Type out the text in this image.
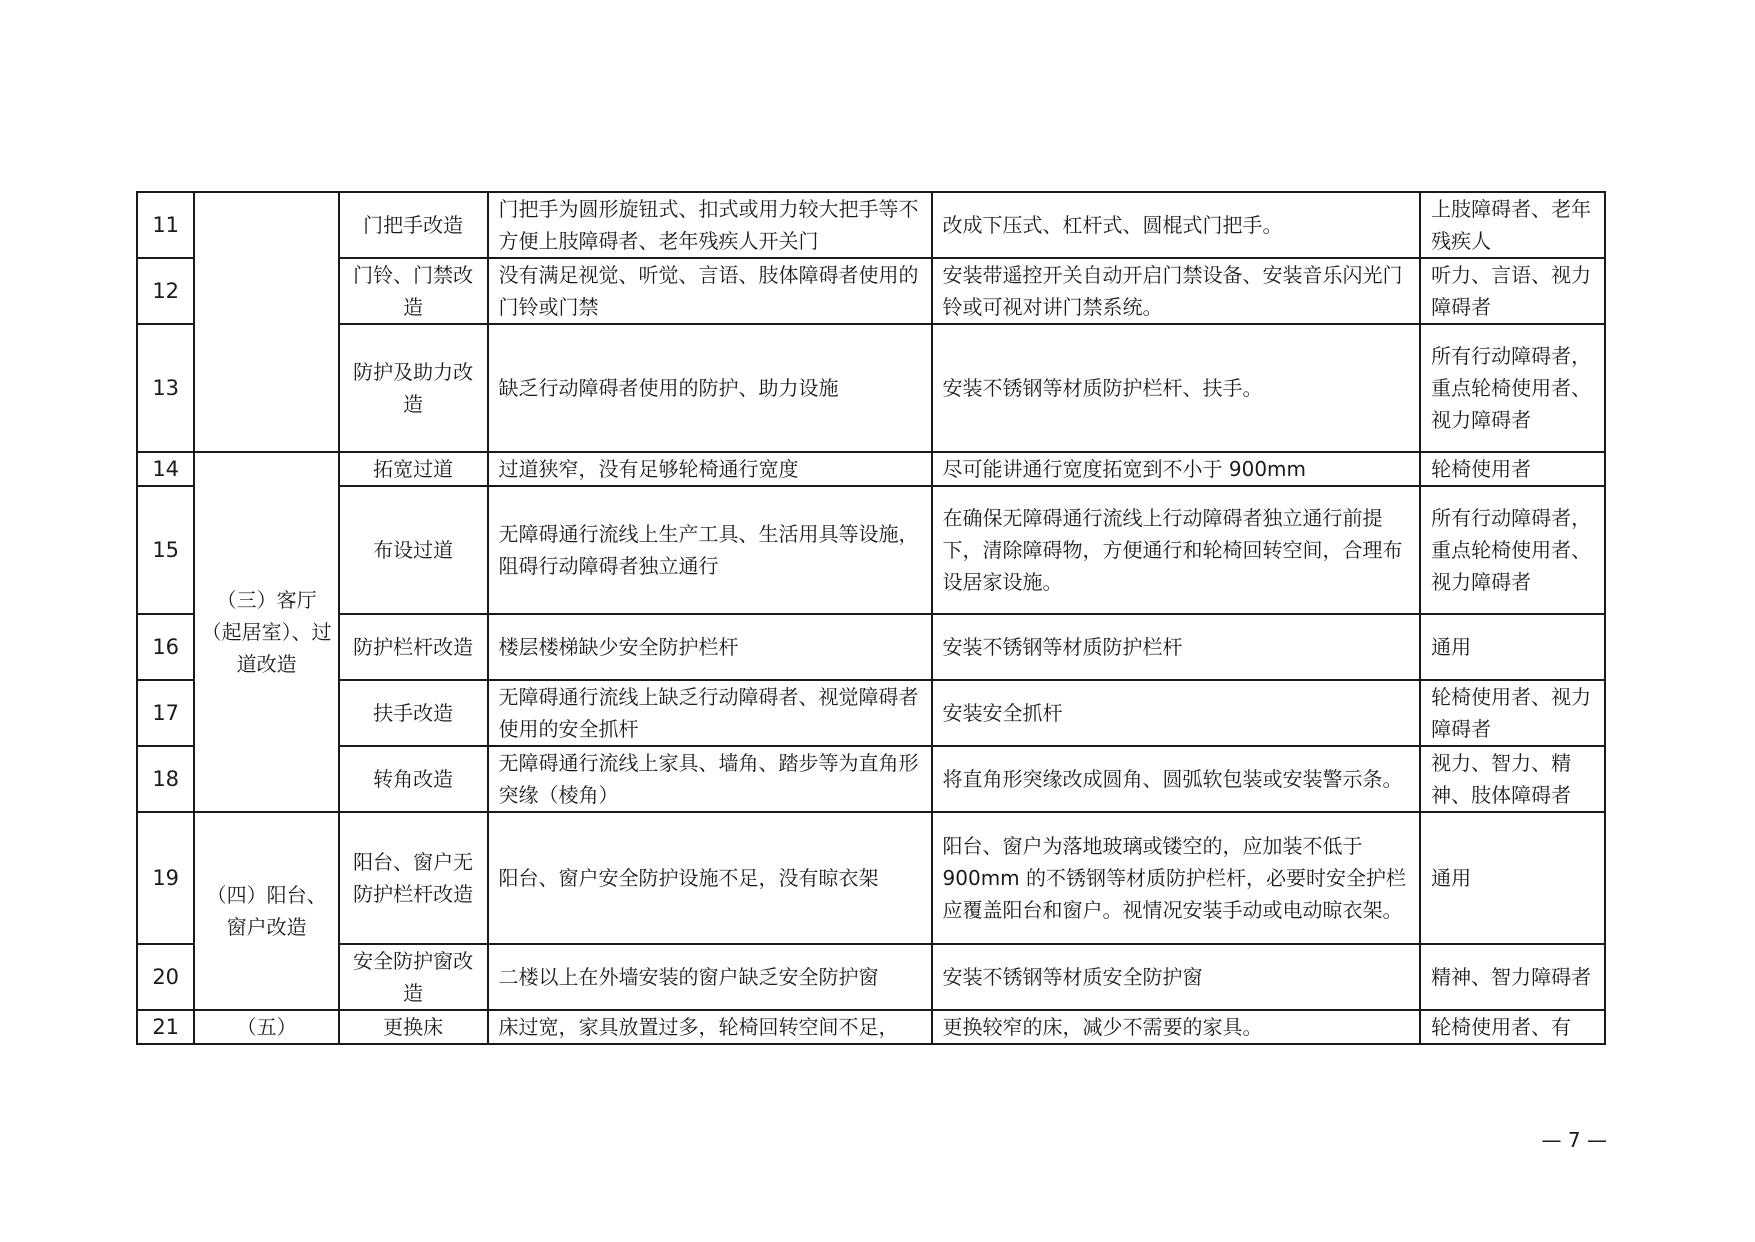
11		门把手改造	门把手为圆形旋钮式、扣式或用力较大把手等不方便上肢障碍者、老年残疾人开关门	改成下压式、杠杆式、圆棍式门把手。	上肢障碍者、老年残疾人
12		门铃、门禁改造	没有满足视觉、听觉、言语、肢体障碍者使用的门铃或门禁	安装带遥控开关自动开启门禁设备、安装音乐闪光门铃或可视对讲门禁系统。	听力、言语、视力障碍者
13		防护及助力改造	缺乏行动障碍者使用的防护、助力设施	安装不锈钢等材质防护栏杆、扶手。	所有行动障碍者，重点轮椅使用者、视力障碍者
14	（三）客厅（起居室）、过道改造	拓宽过道	过道狭窄，没有足够轮椅通行宽度	尽可能讲通行宽度拓宽到不小于 900mm	轮椅使用者
15		布设过道	无障碍通行流线上生产工具、生活用具等设施，阻碍行动障碍者独立通行	在确保无障碍通行流线上行动障碍者独立通行前提下，清除障碍物，方便通行和轮椅回转空间，合理布设居家设施。	所有行动障碍者，重点轮椅使用者、视力障碍者
16		防护栏杆改造	楼层楼梯缺少安全防护栏杆	安装不锈钢等材质防护栏杆	通用
17		扶手改造	无障碍通行流线上缺乏行动障碍者、视觉障碍者使用的安全抓杆	安装安全抓杆	轮椅使用者、视力障碍者
18		转角改造	无障碍通行流线上家具、墙角、踏步等为直角形突缘（棱角）	将直角形突缘改成圆角、圆弧软包装或安装警示条。	视力、智力、精神、肢体障碍者
19	（四）阳台、窗户改造	阳台、窗户无防护栏杆改造	阳台、窗户安全防护设施不足，没有晾衣架	阳台、窗户为落地玻璃或镂空的，应加装不低于 900mm 的不锈钢等材质防护栏杆，必要时安全护栏应覆盖阳台和窗户。视情况安装手动或电动晾衣架。	通用
20		安全防护窗改造	二楼以上在外墙安装的窗户缺乏安全防护窗	安装不锈钢等材质安全防护窗	精神、智力障碍者
21	（五）	更换床	床过宽，家具放置过多，轮椅回转空间不足，	更换较窄的床，减少不需要的家具。	轮椅使用者、有
— 7 —
